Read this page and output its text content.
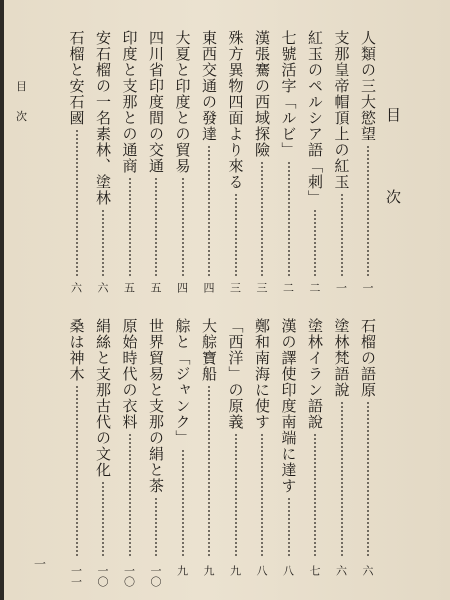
目
次
目
次
一
人類の三大慾望
一
支那皇帝帽頂上の紅玉
一
紅玉のペルシア語「刺」
二
七號活字「ルビ」
二
漢張騫の西域探險
三
殊方異物四面より來る
三
東西交通の發達
四
大夏と印度との貿易
四
四川省印度間の交通
五
印度と支那との通商
五
安石榴の一名素林、塗林
六
石榴と安石國
六
石榴の語原
六
塗林梵語說
六
塗林イラン語說
七
漢の譯使印度南端に達す
八
鄭和南海に使す
八
「西洋」の原義
九
大䑸寶船
九
䑸と「ジャンク」
九
世界貿易と支那の絹と茶
一〇
原始時代の衣料
一〇
絹絲と支那古代の文化
一〇
桑は神木
一一
